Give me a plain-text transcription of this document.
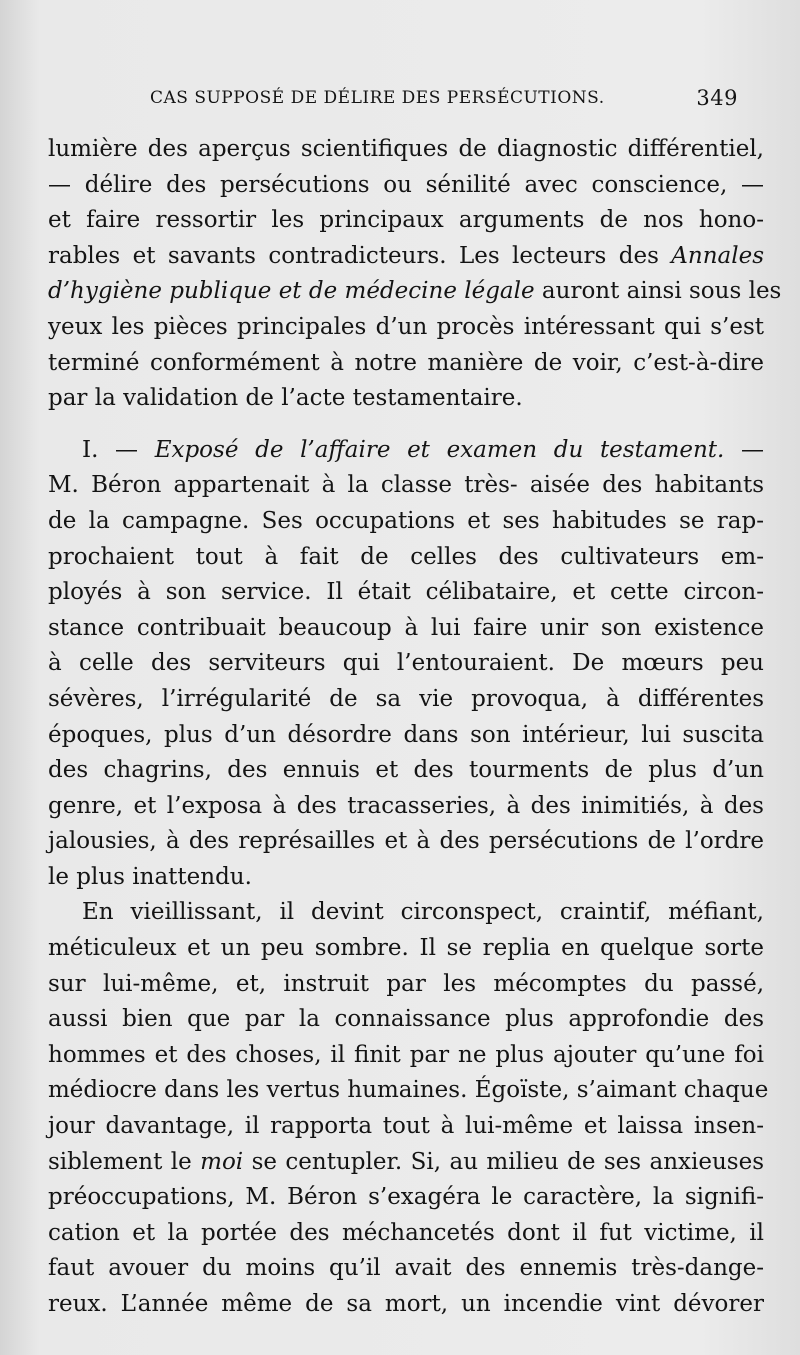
CAS SUPPOSÉ DE DÉLIRE DES PERSÉCUTIONS.	349
lumière des aperçus scientifiques de diagnostic différentiel,
— délire des persécutions ou sénilité avec conscience, —
et faire ressortir les principaux arguments de nos hono-
rables et savants contradicteurs. Les lecteurs des Annales
d’hygiène publique et de médecine légale auront ainsi sous les
yeux les pièces principales d’un procès intéressant qui s’est
terminé conformément à notre manière de voir, c’est-à-dire
par la validation de l’acte testamentaire.
I. — Exposé de l’affaire et examen du testament. —
M. Béron appartenait à la classe très- aisée des habitants
de la campagne. Ses occupations et ses habitudes se rap-
prochaient tout à fait de celles des cultivateurs em-
ployés à son service. Il était célibataire, et cette circon-
stance contribuait beaucoup à lui faire unir son existence
à celle des serviteurs qui l’entouraient. De mœurs peu
sévères, l’irrégularité de sa vie provoqua, à différentes
époques, plus d’un désordre dans son intérieur, lui suscita
des chagrins, des ennuis et des tourments de plus d’un
genre, et l’exposa à des tracasseries, à des inimitiés, à des
jalousies, à des représailles et à des persécutions de l’ordre
le plus inattendu.
En vieillissant, il devint circonspect, craintif, méfiant,
méticuleux et un peu sombre. Il se replia en quelque sorte
sur lui-même, et, instruit par les mécomptes du passé,
aussi bien que par la connaissance plus approfondie des
hommes et des choses, il finit par ne plus ajouter qu’une foi
médiocre dans les vertus humaines. Égoïste, s’aimant chaque
jour davantage, il rapporta tout à lui-même et laissa insen-
siblement le moi se centupler. Si, au milieu de ses anxieuses
préoccupations, M. Béron s’exagéra le caractère, la signifi-
cation et la portée des méchancetés dont il fut victime, il
faut avouer du moins qu’il avait des ennemis très-dange-
reux. L’année même de sa mort, un incendie vint dévorer
